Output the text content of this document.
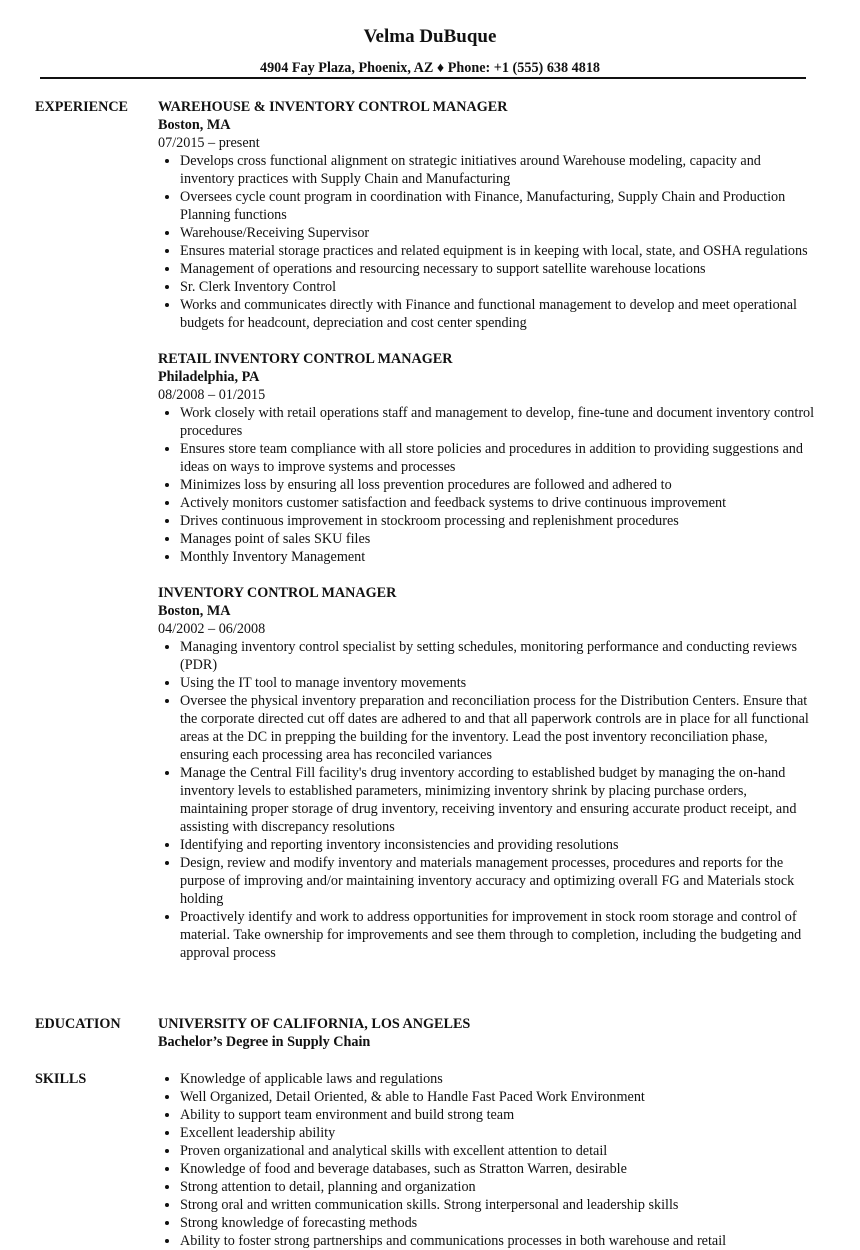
Velma DuBuque
4904 Fay Plaza, Phoenix, AZ ♦ Phone: +1 (555) 638 4818
EXPERIENCE WAREHOUSE & INVENTORY CONTROL MANAGER
Boston, MA
07/2015 – present
• Develops cross functional alignment on strategic initiatives around Warehouse modeling, capacity and inventory practices with Supply Chain and Manufacturing
• Oversees cycle count program in coordination with Finance, Manufacturing, Supply Chain and Production Planning functions
• Warehouse/Receiving Supervisor
• Ensures material storage practices and related equipment is in keeping with local, state, and OSHA regulations
• Management of operations and resourcing necessary to support satellite warehouse locations
• Sr. Clerk Inventory Control
• Works and communicates directly with Finance and functional management to develop and meet operational budgets for headcount, depreciation and cost center spending
RETAIL INVENTORY CONTROL MANAGER
Philadelphia, PA
08/2008 – 01/2015
• Work closely with retail operations staff and management to develop, fine-tune and document inventory control procedures
• Ensures store team compliance with all store policies and procedures in addition to providing suggestions and ideas on ways to improve systems and processes
• Minimizes loss by ensuring all loss prevention procedures are followed and adhered to
• Actively monitors customer satisfaction and feedback systems to drive continuous improvement
• Drives continuous improvement in stockroom processing and replenishment procedures
• Manages point of sales SKU files
• Monthly Inventory Management
INVENTORY CONTROL MANAGER
Boston, MA
04/2002 – 06/2008
• Managing inventory control specialist by setting schedules, monitoring performance and conducting reviews (PDR)
• Using the IT tool to manage inventory movements
• Oversee the physical inventory preparation and reconciliation process for the Distribution Centers. Ensure that the corporate directed cut off dates are adhered to and that all paperwork controls are in place for all functional areas at the DC in prepping the building for the inventory. Lead the post inventory reconciliation phase, ensuring each processing area has reconciled variances
• Manage the Central Fill facility's drug inventory according to established budget by managing the on-hand inventory levels to established parameters, minimizing inventory shrink by placing purchase orders, maintaining proper storage of drug inventory, receiving inventory and ensuring accurate product receipt, and assisting with discrepancy resolutions
• Identifying and reporting inventory inconsistencies and providing resolutions
• Design, review and modify inventory and materials management processes, procedures and reports for the purpose of improving and/or maintaining inventory accuracy and optimizing overall FG and Materials stock holding
• Proactively identify and work to address opportunities for improvement in stock room storage and control of material. Take ownership for improvements and see them through to completion, including the budgeting and approval process
EDUCATION	UNIVERSITY OF CALIFORNIA, LOS ANGELES
Bachelor’s Degree in Supply Chain
SKILLS
•	Knowledge of applicable laws and regulations
• Well Organized, Detail Oriented, & able to Handle Fast Paced Work Environment
• Ability to support team environment and build strong team
• Excellent leadership ability
• Proven organizational and analytical skills with excellent attention to detail
• Knowledge of food and beverage databases, such as Stratton Warren, desirable
• Strong attention to detail, planning and organization
• Strong oral and written communication skills. Strong interpersonal and leadership skills
• Strong knowledge of forecasting methods
• Ability to foster strong partnerships and communications processes in both warehouse and retail
